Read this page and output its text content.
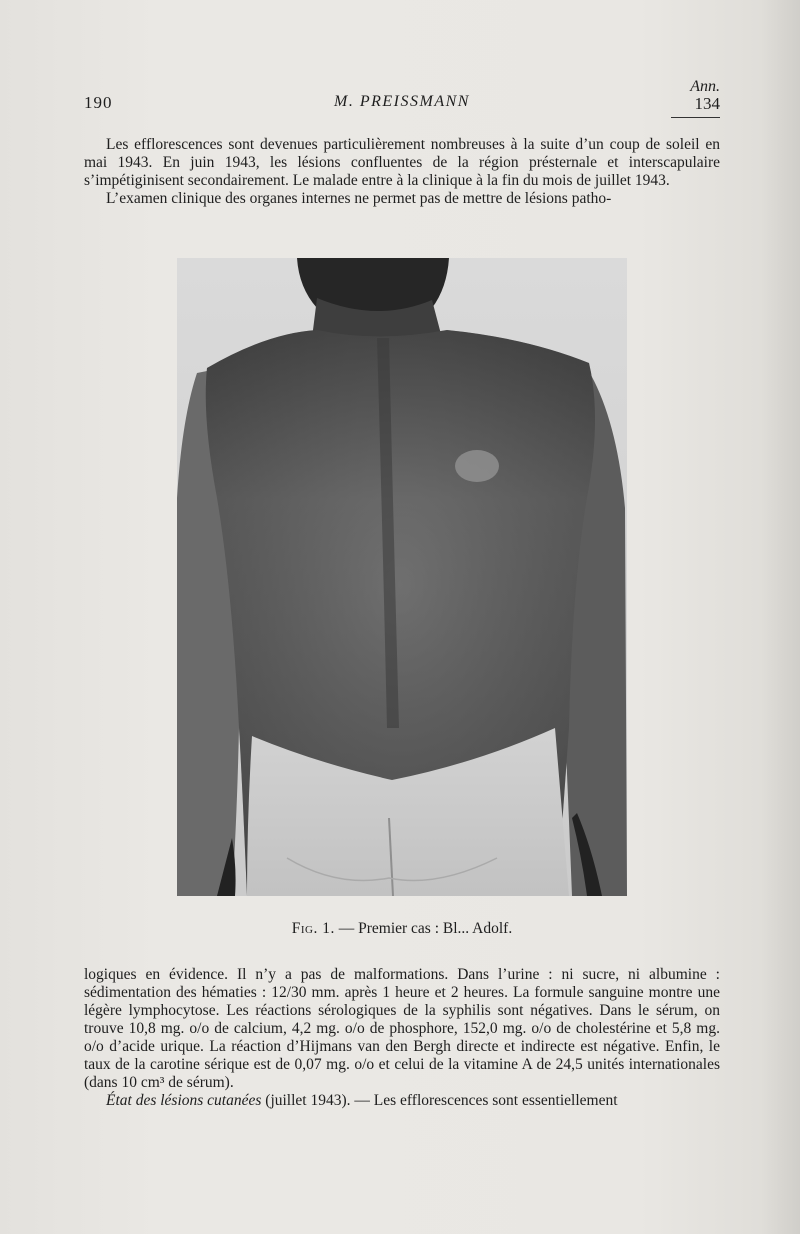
190	M. PREISSMANN
Ann.
134

Les efflorescences sont devenues particulièrement nombreuses à la suite d’un coup de soleil en mai 1943. En juin 1943, les lésions confluentes de la région présternale et interscapulaire s’impétiginisent secondairement. Le malade entre à la clinique à la fin du mois de juillet 1943.

L’examen clinique des organes internes ne permet pas de mettre de lésions patho-

Fig. 1. — Premier cas : Bl... Adolf.

logiques en évidence. Il n’y a pas de malformations. Dans l’urine : ni sucre, ni albumine : sédimentation des hématies : 12/30 mm. après 1 heure et 2 heures. La formule sanguine montre une légère lymphocytose. Les réactions sérologiques de la syphilis sont négatives. Dans le sérum, on trouve 10,8 mg. o/o de calcium, 4,2 mg. o/o de phosphore, 152,0 mg. o/o de cholestérine et 5,8 mg. o/o d’acide urique. La réaction d’Hijmans van den Bergh directe et indirecte est négative. Enfin, le taux de la carotine sérique est de 0,07 mg. o/o et celui de la vitamine A de 24,5 unités internationales (dans 10 cm³ de sérum).

État des lésions cutanées (juillet 1943). — Les efflorescences sont essentiellement
